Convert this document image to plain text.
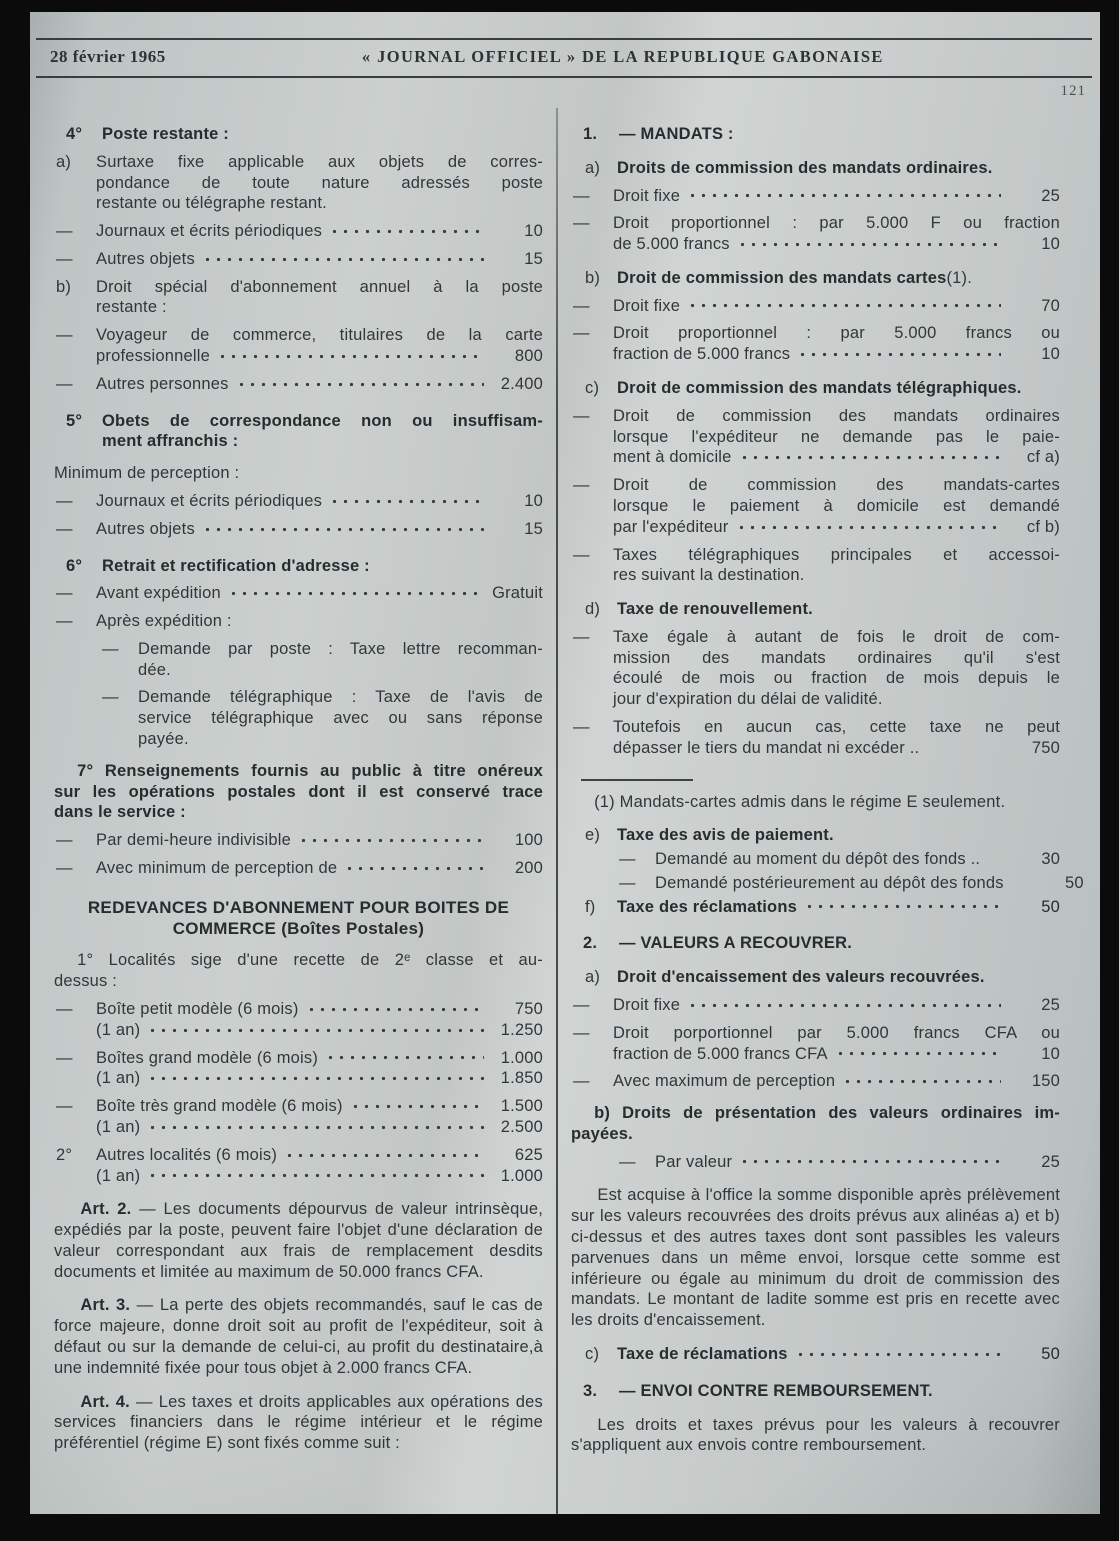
28 février 1965	« JOURNAL OFFICIEL » DE LA REPUBLIQUE GABONAISE
121
4°	Poste restante :
a)	Surtaxe fixe applicable aux objets de corres-
pondance de toute nature adressés poste
restante ou télégraphe restant.
—	Journaux et écrits périodiques	10
—	Autres objets	15
b)	Droit spécial d'abonnement annuel à la poste
restante :
—	Voyageur de commerce, titulaires de la carte
professionnelle	800
—	Autres personnes	2.400
5°	Obets de correspondance non ou insuffisam-
ment affranchis :
Minimum de perception :
—	Journaux et écrits périodiques	10
—	Autres objets	15
6°	Retrait et rectification d'adresse :
—	Avant expédition	Gratuit
—	Après expédition :
—	Demande par poste : Taxe lettre recomman-
dée.
—	Demande télégraphique : Taxe de l'avis de
service télégraphique avec ou sans réponse
payée.
7° Renseignements fournis au public à titre onéreux
sur les opérations postales dont il est conservé trace
dans le service :
—	Par demi-heure indivisible	100
—	Avec minimum de perception de	200
REDEVANCES D'ABONNEMENT POUR BOITES DE
COMMERCE (Boîtes Postales)
1° Localités sige d'une recette de 2ᵉ classe et au-
dessus :
—	Boîte petit modèle (6 mois)	750
(1 an)	1.250
—	Boîtes grand modèle (6 mois)	1.000
(1 an)	1.850
—	Boîte très grand modèle (6 mois)	1.500
(1 an)	2.500
2°	Autres localités (6 mois)	625
(1 an)	1.000
Art. 2. — Les documents dépourvus de valeur intrinsèque, expédiés par la poste, peuvent faire l'objet d'une déclaration de valeur correspondant aux frais de remplacement desdits documents et limitée au maximum de 50.000 francs CFA.
Art. 3. — La perte des objets recommandés, sauf le cas de force majeure, donne droit soit au profit de l'expéditeur, soit à défaut ou sur la demande de celui-ci, au profit du destinataire,à une indemnité fixée pour tous objet à 2.000 francs CFA.
Art. 4. — Les taxes et droits applicables aux opérations des services financiers dans le régime intérieur et le régime préférentiel (régime E) sont fixés comme suit :
1.	— MANDATS :
a)	Droits de commission des mandats ordinaires.
—	Droit fixe	25
—	Droit proportionnel : par 5.000 F ou fraction
de 5.000 francs	10
b)	Droit de commission des mandats cartes (1).
—	Droit fixe	70
—	Droit proportionnel : par 5.000 francs ou
fraction de 5.000 francs	10
c)	Droit de commission des mandats télégraphiques.
—	Droit de commission des mandats ordinaires
lorsque l'expéditeur ne demande pas le paie-
ment à domicile	cf a)
—	Droit de commission des mandats-cartes
lorsque le paiement à domicile est demandé
par l'expéditeur	cf b)
—	Taxes télégraphiques principales et accessoi-
res suivant la destination.
d)	Taxe de renouvellement.
—	Taxe égale à autant de fois le droit de com-
mission des mandats ordinaires qu'il s'est
écoulé de mois ou fraction de mois depuis le
jour d'expiration du délai de validité.
—	Toutefois en aucun cas, cette taxe ne peut
dépasser le tiers du mandat ni excéder ..	750
(1) Mandats-cartes admis dans le régime E seulement.
e)	Taxe des avis de paiement.
—	Demandé au moment du dépôt des fonds ..	30
—	Demandé postérieurement au dépôt des fonds	50
f)	Taxe des réclamations	50
2.	— VALEURS A RECOUVRER.
a)	Droit d'encaissement des valeurs recouvrées.
—	Droit fixe	25
—	Droit porportionnel par 5.000 francs CFA ou
fraction de 5.000 francs CFA	10
—	Avec maximum de perception	150
b) Droits de présentation des valeurs ordinaires im-
payées.
—	Par valeur	25
Est acquise à l'office la somme disponible après prélèvement sur les valeurs recouvrées des droits prévus aux alinéas a) et b) ci-dessus et des autres taxes dont sont passibles les valeurs parvenues dans un même envoi, lorsque cette somme est inférieure ou égale au minimum du droit de commission des mandats. Le montant de ladite somme est pris en recette avec les droits d'encaissement.
c)	Taxe de réclamations	50
3.	— ENVOI CONTRE REMBOURSEMENT.
Les droits et taxes prévus pour les valeurs à recouvrer s'appliquent aux envois contre remboursement.
